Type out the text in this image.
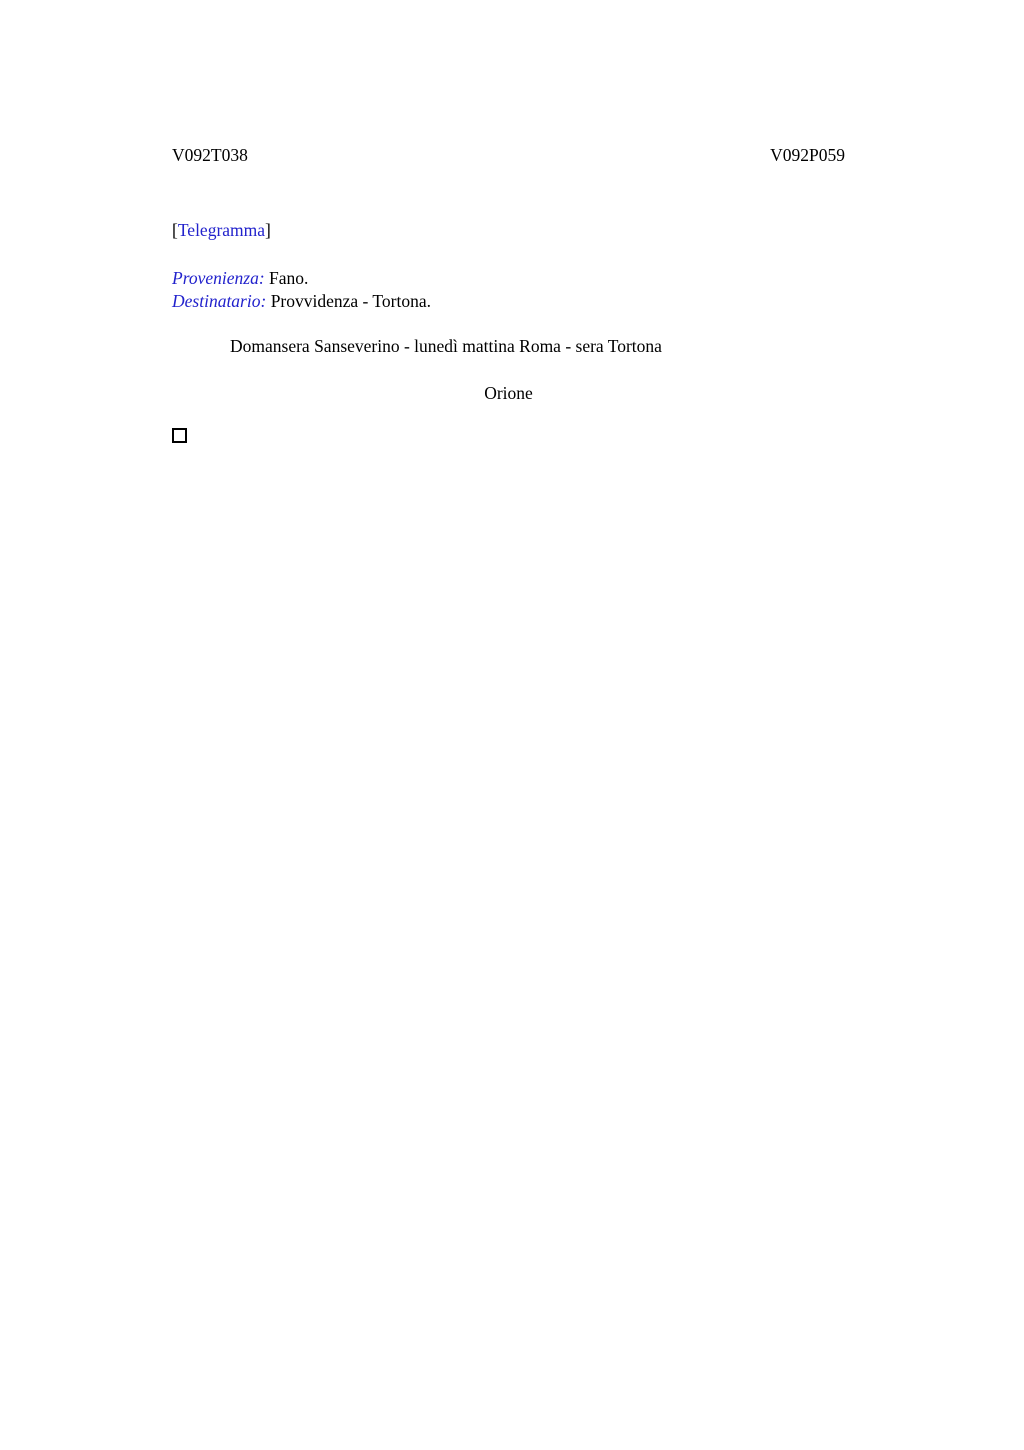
V092T038	V092P059

[Telegramma]

Provenienza: Fano.

Destinatario: Provvidenza - Tortona.

Domansera Sanseverino - lunedì mattina Roma - sera Tortona

Orione
